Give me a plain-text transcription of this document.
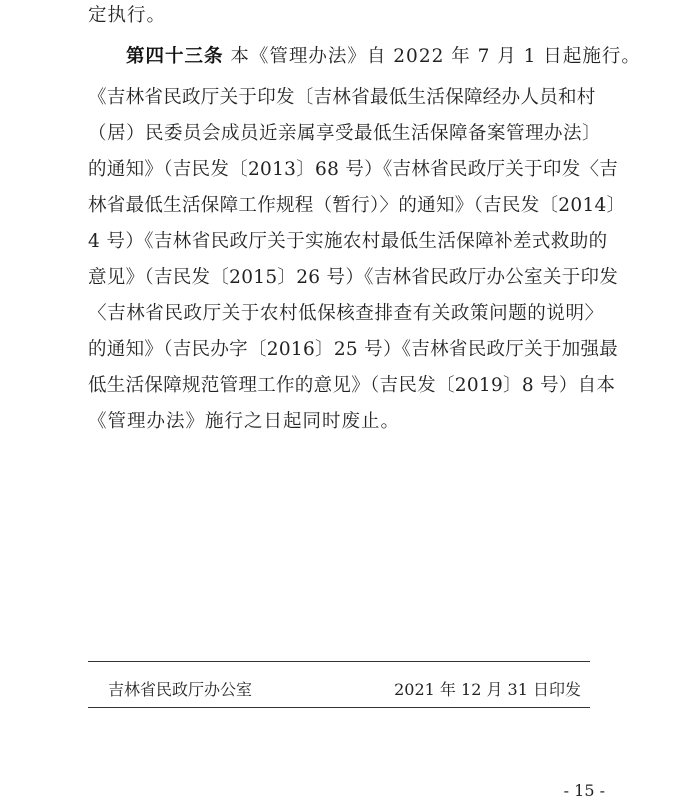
定执行。
第四十三条 本《管理办法》自 2022 年 7 月 1 日起施行。
《吉林省民政厅关于印发〔吉林省最低生活保障经办人员和村
（居）民委员会成员近亲属享受最低生活保障备案管理办法〕
的通知》（吉民发〔2013〕68 号）《吉林省民政厅关于印发〈吉
林省最低生活保障工作规程（暂行）〉的通知》（吉民发〔2014〕
4 号）《吉林省民政厅关于实施农村最低生活保障补差式救助的
意见》（吉民发〔2015〕26 号）《吉林省民政厅办公室关于印发
〈吉林省民政厅关于农村低保核查排查有关政策问题的说明〉
的通知》（吉民办字〔2016〕25 号）《吉林省民政厅关于加强最
低生活保障规范管理工作的意见》（吉民发〔2019〕8 号）自本
《管理办法》施行之日起同时废止。
吉林省民政厅办公室	2021 年 12 月 31 日印发
- 15 -
